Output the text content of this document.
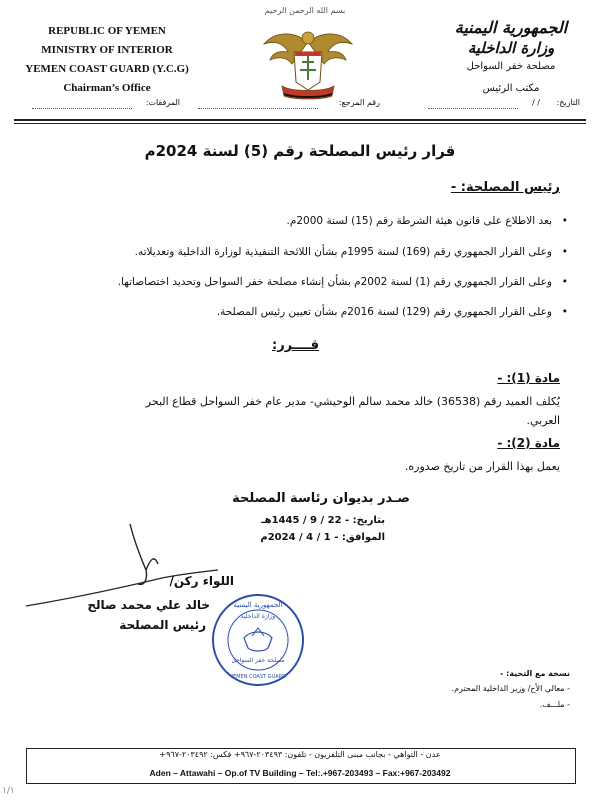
بسم الله الرحمن الرحيم
REPUBLIC OF YEMEN
MINISTRY OF INTERIOR
YEMEN COAST GUARD (Y.C.G)
Chairman’s Office
الجمهورية اليمنية
وزارة الداخلية
مصلحة خفر السواحل
مكتب الرئيس
التاريخ:
/ /
رقم المرجع:
المرفقات:
قرار رئيس المصلحة رقم (5) لسنة 2024م
رئيس المصلحة: -
• بعد الاطلاع على قانون هيئة الشرطة رقم (15) لسنة 2000م.
• وعلى القرار الجمهوري رقم (169) لسنة 1995م بشأن اللائحة التنفيذية لوزارة الداخلية وتعديلاته.
• وعلى القرار الجمهوري رقم (1) لسنة 2002م بشأن إنشاء مصلحة خفر السواحل وتحديد اختصاصاتها.
• وعلى القرار الجمهوري رقم (129) لسنة 2016م بشأن تعيين رئيس المصلحة.
قــــرر:
مادة (1): -
يُكلف العميد رقم (36538) خالد محمد سالم الوحيشي- مدير عام خفر السواحل قطاع البحر
العربي.
مادة (2): -
يعمل بهذا القرار من تاريخ صدوره.
صـدر بديوان رئاسة المصلحة
بتاريخ: - 22 / 9 / 1445هـ
الموافق: - 1 / 4 / 2024م
اللواء ركن/
خالد علي محمد صالح
رئيس المصلحة
الجمهورية اليمنية
وزارة الداخلية
مصلحة خفر السواحل
YEMEN COAST GUARD	نسخة مع التحية: -
- معالي الأخ/ وزير الداخلية المحترم.
- ملـــف.
عدن - التواهي - بجانب مبنى التلفزيون - تلفون: ٢٠٣٤٩٣-٩٦٧+ فكس: ٢٠٣٤٩٢-٩٦٧+
Aden – Attawahi – Op.of TV Building – Tel:.+967-203493 – Fax:+967-203492
١/١
